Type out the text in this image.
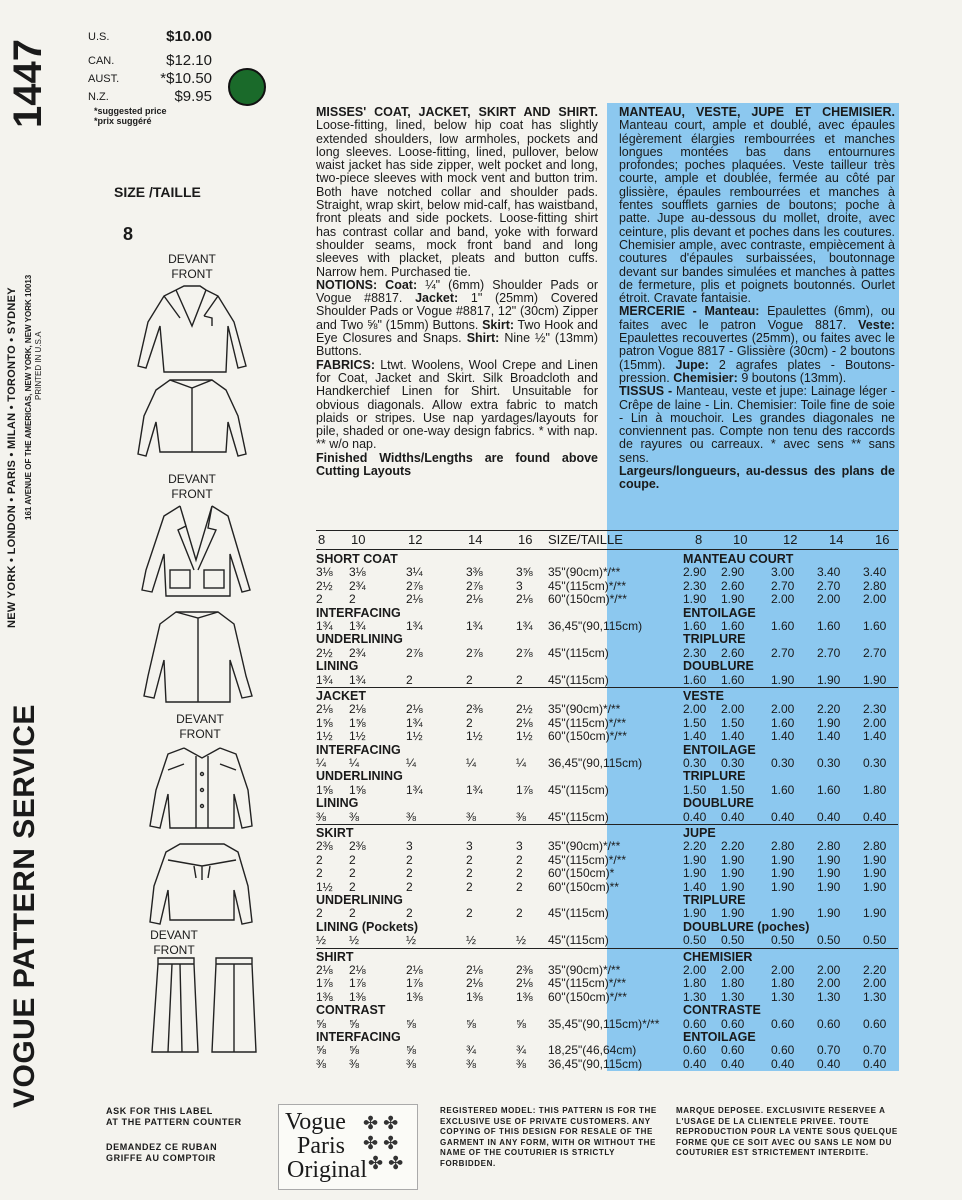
VOGUE PATTERN SERVICE
1447
NEW YORK • LONDON • PARIS • MILAN • TORONTO • SYDNEY 161 AVENUE OF THE AMERICAS, NEW YORK, NEW YORK 10013 PRINTED IN U.S.A
U.S.	$10.00
CAN.	$12.10
AUST.	*$10.50
N.Z.	$9.95
*suggested price
*prix suggéré
SIZE /TAILLE
8
DEVANT
FRONT
DEVANT
FRONT
DEVANT
FRONT
DEVANT
FRONT
MISSES' COAT, JACKET, SKIRT AND SHIRT. Loose-fitting, lined, below hip coat has slightly extended shoulders, low armholes, pockets and long sleeves. Loose-fitting, lined, pullover, below waist jacket has side zipper, welt pocket and long, two-piece sleeves with mock vent and button trim. Both have notched collar and shoulder pads. Straight, wrap skirt, below mid-calf, has waistband, front pleats and side pockets. Loose-fitting shirt has contrast collar and band, yoke with forward shoulder seams, mock front band and long sleeves with placket, pleats and button cuffs. Narrow hem. Purchased tie.
NOTIONS: Coat: ¼" (6mm) Shoulder Pads or Vogue #8817. Jacket: 1" (25mm) Covered Shoulder Pads or Vogue #8817, 12" (30cm) Zipper and Two ⅝" (15mm) Buttons. Skirt: Two Hook and Eye Closures and Snaps. Shirt: Nine ½" (13mm) Buttons.
FABRICS: Ltwt. Woolens, Wool Crepe and Linen for Coat, Jacket and Skirt. Silk Broadcloth and Handkerchief Linen for Shirt. Unsuitable for obvious diagonals. Allow extra fabric to match plaids or stripes. Use nap yardages/layouts for pile, shaded or one-way design fabrics. * with nap. ** w/o nap.
Finished Widths/Lengths are found above Cutting Layouts
MANTEAU, VESTE, JUPE ET CHEMISIER. Manteau court, ample et doublé, avec épaules légèrement élargies rembourrées et manches longues montées bas dans entournures profondes; poches plaquées. Veste tailleur très courte, ample et doublée, fermée au côté par glissière, épaules rembourrées et manches à fentes soufflets garnies de boutons; poche à patte. Jupe au-dessous du mollet, droite, avec ceinture, plis devant et poches dans les coutures. Chemisier ample, avec contraste, empiècement à coutures d'épaules surbaissées, boutonnage devant sur bandes simulées et manches à pattes de fermeture, plis et poignets boutonnés. Ourlet étroit. Cravate fantaisie.
MERCERIE - Manteau: Epaulettes (6mm), ou faites avec le patron Vogue 8817. Veste: Epaulettes recouvertes (25mm), ou faites avec le patron Vogue 8817 - Glissière (30cm) - 2 boutons (15mm). Jupe: 2 agrafes plates - Boutons-pression. Chemisier: 9 boutons (13mm).
TISSUS - Manteau, veste et jupe: Lainage léger - Crêpe de laine - Lin. Chemisier: Toile fine de soie - Lin à mouchoir. Les grandes diagonales ne conviennent pas. Compte non tenu des raccords de rayures ou carreaux. * avec sens ** sans sens.
Largeurs/longueurs, au-dessus des plans de coupe.
8 10	12	14	16 SIZE/TAILLE	8 10	12 14 16
SHORT COAT	MANTEAU COURT
3⅛ 3⅛	3¼	3⅜	3⅝ 35"(90cm)*/**	2.90 2.90 3.00 3.40 3.40
2½ 2¾	2⅞	2⅞	3 45"(115cm)*/**	2.30 2.60 2.70 2.70 2.80
2 2	2⅛	2⅛	2⅛ 60"(150cm)*/**	1.90 1.90 2.00 2.00 2.00
INTERFACING	ENTOILAGE
1¾ 1¾	1¾	1¾	1¾ 36,45"(90,115cm)	1.60 1.60 1.60 1.60 1.60
UNDERLINING	TRIPLURE
2½ 2¾	2⅞	2⅞	2⅞ 45"(115cm)	2.30 2.60 2.70 2.70 2.70
LINING	DOUBLURE
1¾ 1¾	2	2	2 45"(115cm)	1.60 1.60 1.90 1.90 1.90
JACKET	VESTE
2⅛ 2⅛	2⅛	2⅜	2½ 35"(90cm)*/**	2.00 2.00 2.00 2.20 2.30
1⅝ 1⅝	1¾	2	2⅛ 45"(115cm)*/**	1.50 1.50 1.60 1.90 2.00
1½ 1½	1½	1½	1½ 60"(150cm)*/**	1.40 1.40 1.40 1.40 1.40
INTERFACING	ENTOILAGE
¼ ¼	¼	¼	¼ 36,45"(90,115cm)	0.30 0.30 0.30 0.30 0.30
UNDERLINING	TRIPLURE
1⅝ 1⅝	1¾	1¾	1⅞ 45"(115cm)	1.50 1.50 1.60 1.60 1.80
LINING	DOUBLURE
⅜ ⅜	⅜	⅜	⅜ 45"(115cm)	0.40 0.40 0.40 0.40 0.40
SKIRT	JUPE
2⅜ 2⅜	3	3	3 35"(90cm)*/**	2.20 2.20 2.80 2.80 2.80
2 2	2	2	2 45"(115cm)*/**	1.90 1.90 1.90 1.90 1.90
2 2	2	2	2 60"(150cm)*	1.90 1.90 1.90 1.90 1.90
1½ 2	2	2	2 60"(150cm)**	1.40 1.90 1.90 1.90 1.90
UNDERLINING	TRIPLURE
2 2	2	2	2 45"(115cm)	1.90 1.90 1.90 1.90 1.90
LINING (Pockets)	DOUBLURE (poches)
½ ½	½	½	½ 45"(115cm)	0.50 0.50 0.50 0.50 0.50
SHIRT	CHEMISIER
2⅛ 2⅛	2⅛	2⅛	2⅜ 35"(90cm)*/**	2.00 2.00 2.00 2.00 2.20
1⅞ 1⅞	1⅞	2⅛	2⅛ 45"(115cm)*/**	1.80 1.80 1.80 2.00 2.00
1⅜ 1⅜	1⅜	1⅜	1⅜ 60"(150cm)*/**	1.30 1.30 1.30 1.30 1.30
CONTRAST	CONTRASTE
⅝ ⅝	⅝	⅝	⅝ 35,45"(90,115cm)*/** 0.60 0.60 0.60 0.60 0.60
INTERFACING	ENTOILAGE
⅝ ⅝	⅝	¾	¾ 18,25"(46,64cm)	0.60 0.60 0.60 0.70 0.70
⅜ ⅜	⅜	⅜	⅜ 36,45"(90,115cm)	0.40 0.40 0.40 0.40 0.40
ASK FOR THIS LABEL
AT THE PATTERN COUNTER
DEMANDEZ CE RUBAN
GRIFFE AU COMPTOIR
Vogue
Paris
Original
✤ ✤
✤ ✤
✤ ✤
REGISTERED MODEL: THIS PATTERN IS FOR THE EXCLUSIVE USE OF PRIVATE CUSTOMERS. ANY COPYING OF THIS DESIGN FOR RESALE OF THE GARMENT IN ANY FORM, WITH OR WITHOUT THE NAME OF THE COUTURIER IS STRICTLY FORBIDDEN.
MARQUE DEPOSEE. EXCLUSIVITE RESERVEE A L'USAGE DE LA CLIENTELE PRIVEE. TOUTE REPRODUCTION POUR LA VENTE SOUS QUELQUE FORME QUE CE SOIT AVEC OU SANS LE NOM DU COUTURIER EST STRICTEMENT INTERDITE.
